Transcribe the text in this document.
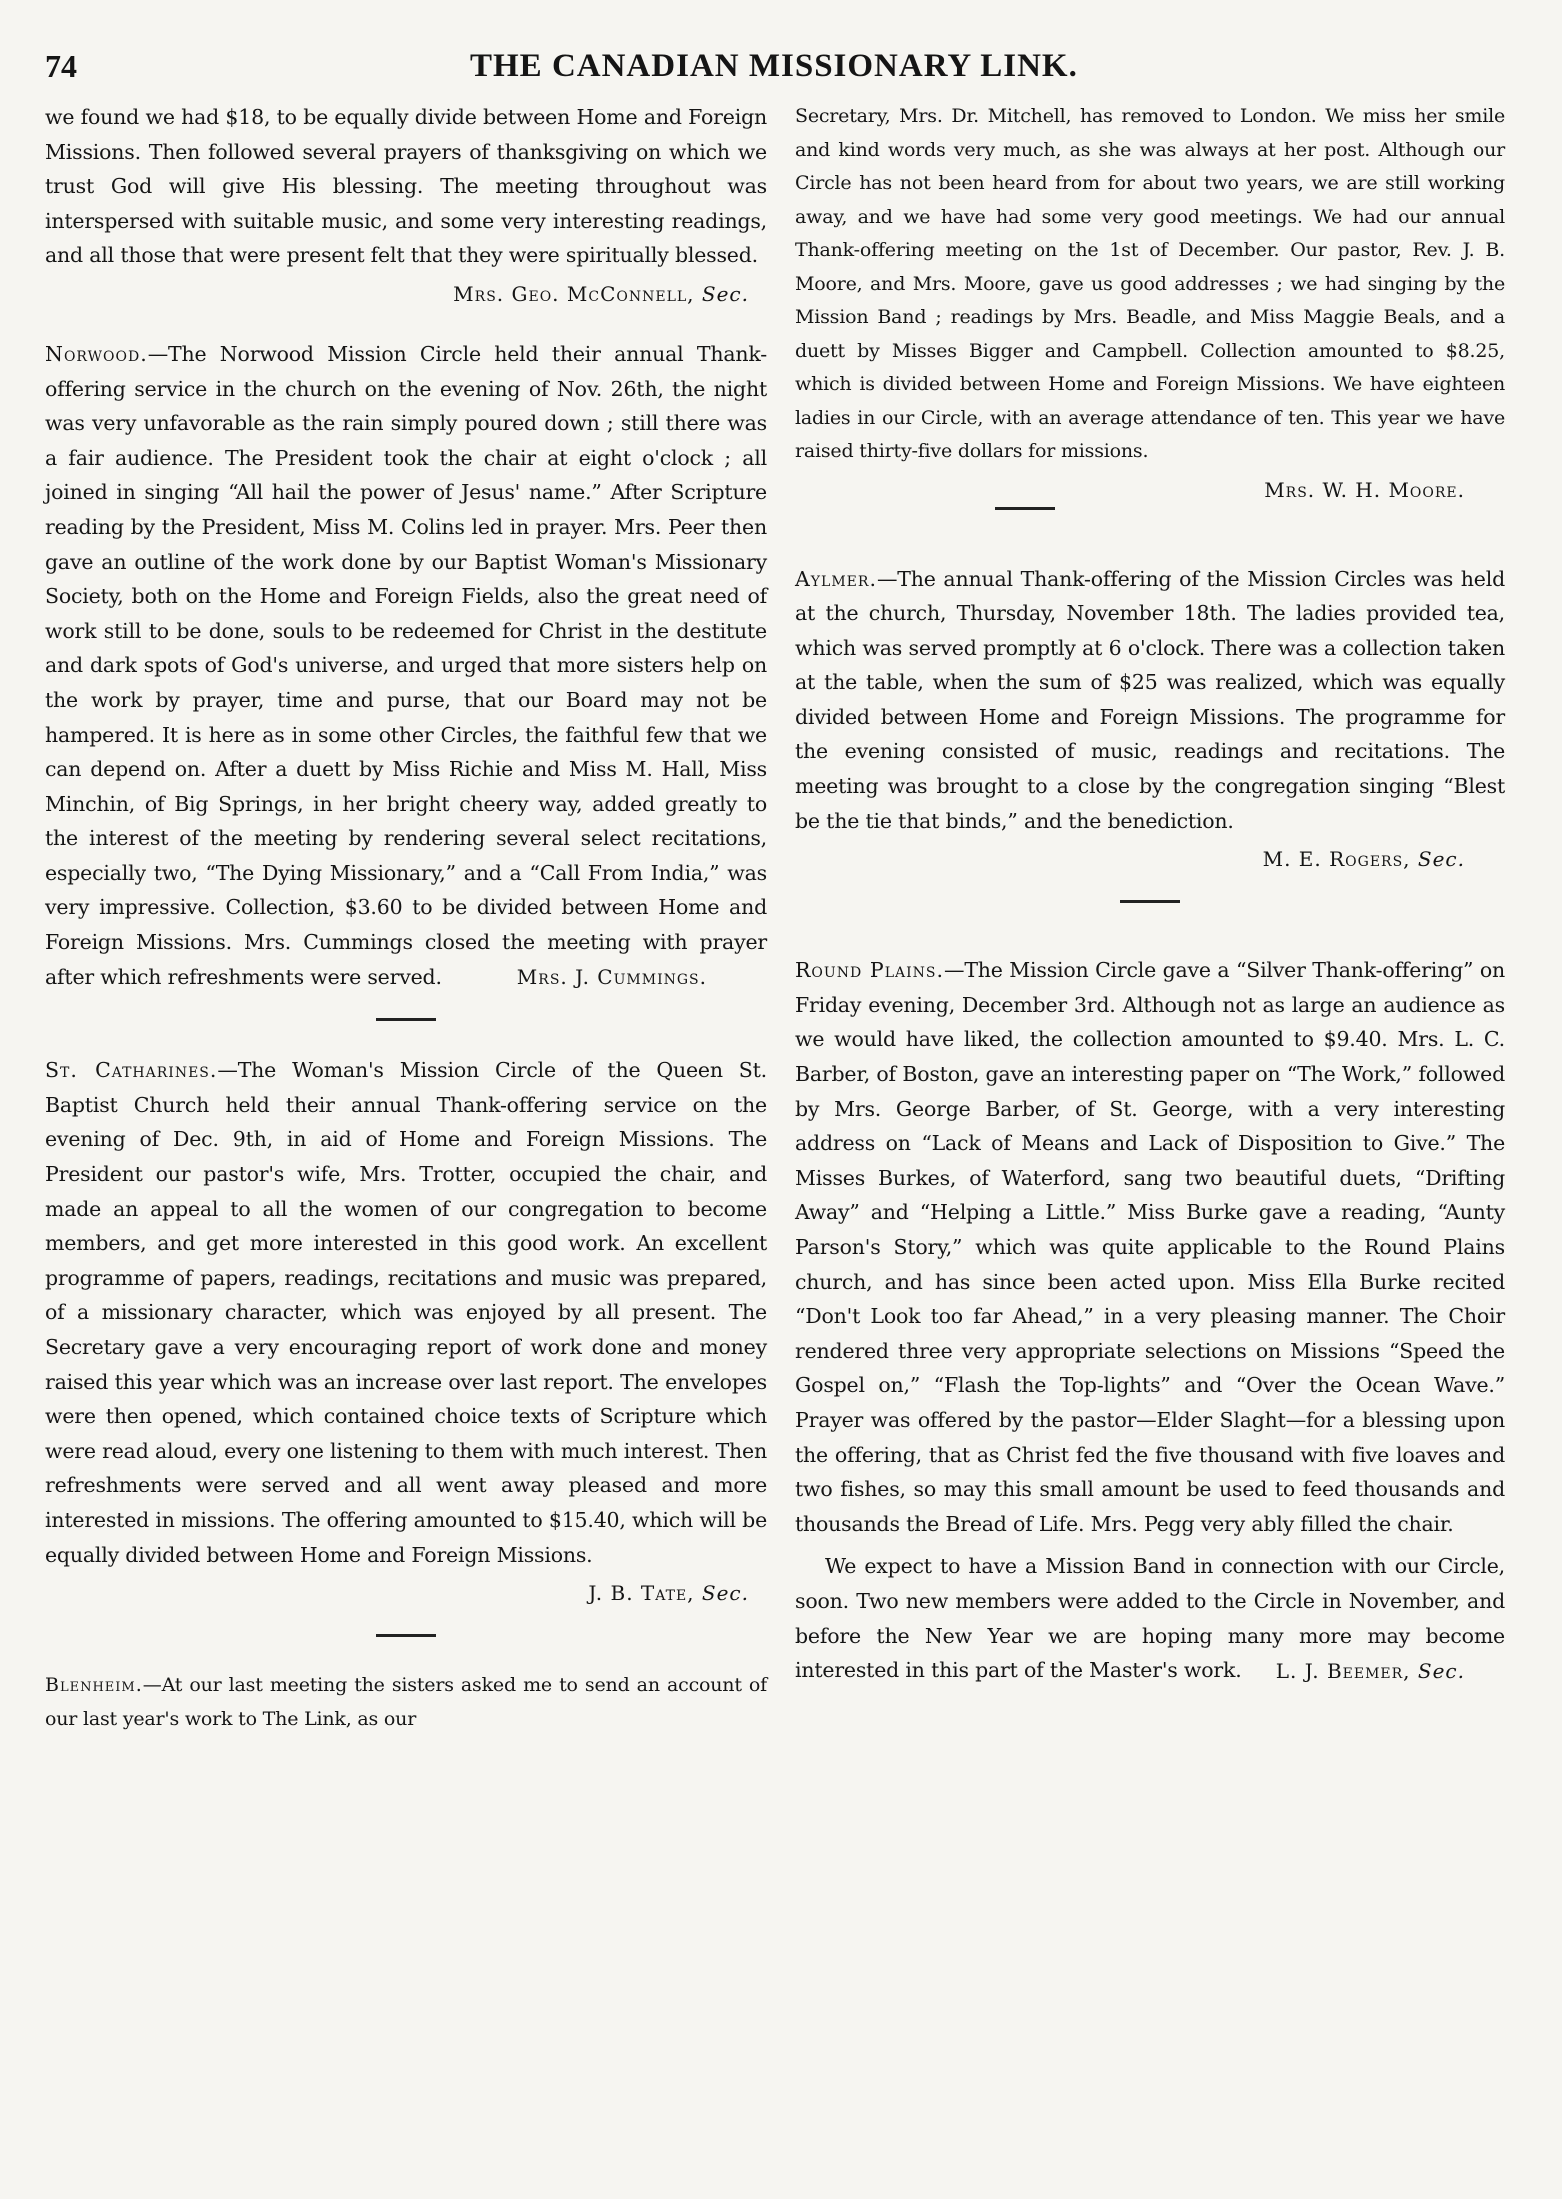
74	THE CANADIAN MISSIONARY LINK.

we found we had $18, to be equally divide between Home and Foreign Missions. Then followed several prayers of thanksgiving on which we trust God will give His blessing. The meeting throughout was interspersed with suitable music, and some very interesting readings, and all those that were present felt that they were spiritually blessed.

Mrs. Geo. McConnell, Sec.

Norwood.—The Norwood Mission Circle held their annual Thank-offering service in the church on the evening of Nov. 26th, the night was very unfavorable as the rain simply poured down ; still there was a fair audience. The President took the chair at eight o'clock ; all joined in singing “All hail the power of Jesus' name.” After Scripture reading by the President, Miss M. Colins led in prayer. Mrs. Peer then gave an outline of the work done by our Baptist Woman's Missionary Society, both on the Home and Foreign Fields, also the great need of work still to be done, souls to be redeemed for Christ in the destitute and dark spots of God's universe, and urged that more sisters help on the work by prayer, time and purse, that our Board may not be hampered. It is here as in some other Circles, the faithful few that we can depend on. After a duett by Miss Richie and Miss M. Hall, Miss Minchin, of Big Springs, in her bright cheery way, added greatly to the interest of the meeting by rendering several select recitations, especially two, “The Dying Missionary,” and a “Call From India,” was very impressive. Collection, $3.60 to be divided between Home and Foreign Missions. Mrs. Cummings closed the meeting with prayer after which refreshments were served.	Mrs. J. Cummings.

St. Catharines.—The Woman's Mission Circle of the Queen St. Baptist Church held their annual Thank-offering service on the evening of Dec. 9th, in aid of Home and Foreign Missions. The President our pastor's wife, Mrs. Trotter, occupied the chair, and made an appeal to all the women of our congregation to become members, and get more interested in this good work. An excellent programme of papers, readings, recitations and music was prepared, of a missionary character, which was enjoyed by all present. The Secretary gave a very encouraging report of work done and money raised this year which was an increase over last report. The envelopes were then opened, which contained choice texts of Scripture which were read aloud, every one listening to them with much interest. Then refreshments were served and all went away pleased and more interested in missions. The offering amounted to $15.40, which will be equally divided between Home and Foreign Missions.

J. B. Tate, Sec.

Blenheim.—At our last meeting the sisters asked me to send an account of our last year's work to The Link, as our

Secretary, Mrs. Dr. Mitchell, has removed to London. We miss her smile and kind words very much, as she was always at her post. Although our Circle has not been heard from for about two years, we are still working away, and we have had some very good meetings. We had our annual Thank-offering meeting on the 1st of December. Our pastor, Rev. J. B. Moore, and Mrs. Moore, gave us good addresses ; we had singing by the Mission Band ; readings by Mrs. Beadle, and Miss Maggie Beals, and a duett by Misses Bigger and Campbell. Collection amounted to $8.25, which is divided between Home and Foreign Missions. We have eighteen ladies in our Circle, with an average attendance of ten. This year we have raised thirty-five dollars for missions.

Mrs. W. H. Moore.

Aylmer.—The annual Thank-offering of the Mission Circles was held at the church, Thursday, November 18th. The ladies provided tea, which was served promptly at 6 o'clock. There was a collection taken at the table, when the sum of $25 was realized, which was equally divided between Home and Foreign Missions. The programme for the evening consisted of music, readings and recitations. The meeting was brought to a close by the congregation singing “Blest be the tie that binds,” and the benediction.

M. E. Rogers, Sec.

Round Plains.—The Mission Circle gave a “Silver Thank-offering” on Friday evening, December 3rd. Although not as large an audience as we would have liked, the collection amounted to $9.40. Mrs. L. C. Barber, of Boston, gave an interesting paper on “The Work,” followed by Mrs. George Barber, of St. George, with a very interesting address on “Lack of Means and Lack of Disposition to Give.” The Misses Burkes, of Waterford, sang two beautiful duets, “Drifting Away” and “Helping a Little.” Miss Burke gave a reading, “Aunty Parson's Story,” which was quite applicable to the Round Plains church, and has since been acted upon. Miss Ella Burke recited “Don't Look too far Ahead,” in a very pleasing manner. The Choir rendered three very appropriate selections on Missions “Speed the Gospel on,” “Flash the Top-lights” and “Over the Ocean Wave.” Prayer was offered by the pastor—Elder Slaght—for a blessing upon the offering, that as Christ fed the five thousand with five loaves and two fishes, so may this small amount be used to feed thousands and thousands the Bread of Life. Mrs. Pegg very ably filled the chair.

We expect to have a Mission Band in connection with our Circle, soon. Two new members were added to the Circle in November, and before the New Year we are hoping many more may become interested in this part of the Master's work.	L. J. Beemer, Sec.
